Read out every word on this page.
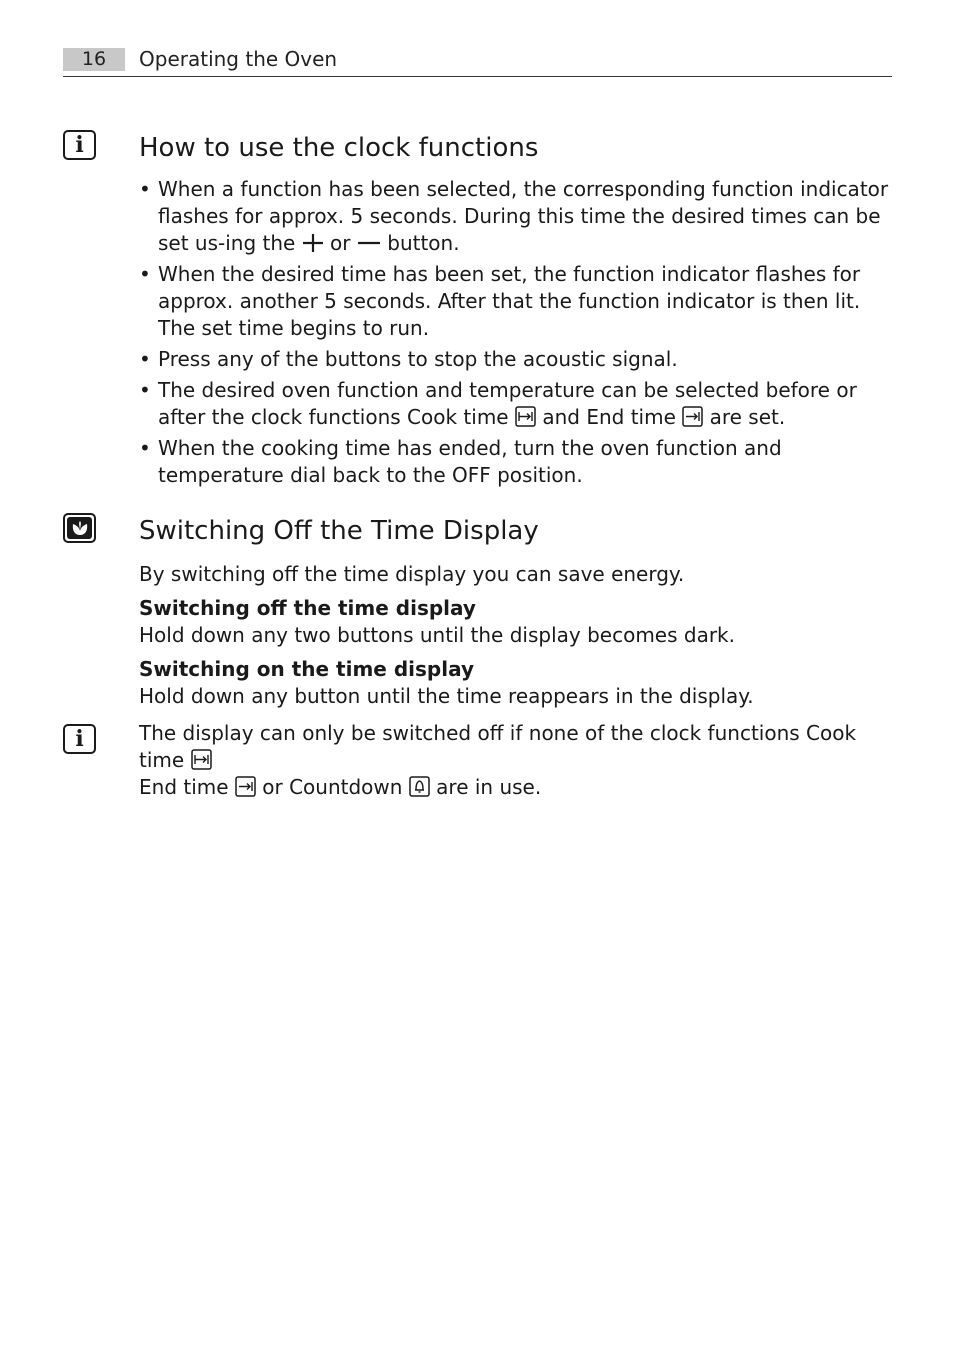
16	Operating the Oven
i How to use the clock functions
• When a function has been selected, the corresponding function indicator flashes for approx. 5 seconds. During this time the desired times can be set us-ing the  or  button.
• When the desired time has been set, the function indicator flashes for approx. another 5 seconds. After that the function indicator is then lit. The set time begins to run.
• Press any of the buttons to stop the acoustic signal.
• The desired oven function and temperature can be selected before or after the clock functions Cook time  and End time  are set.
• When the cooking time has ended, turn the oven function and temperature dial back to the OFF position.
Switching Off the Time Display

By switching off the time display you can save energy.

Switching off the time display

Hold down any two buttons until the display becomes dark.

Switching on the time display

Hold down any button until the time reappears in the display.

i	The display can only be switched off if none of the clock functions Cook time
End time  or Countdown  are in use.
